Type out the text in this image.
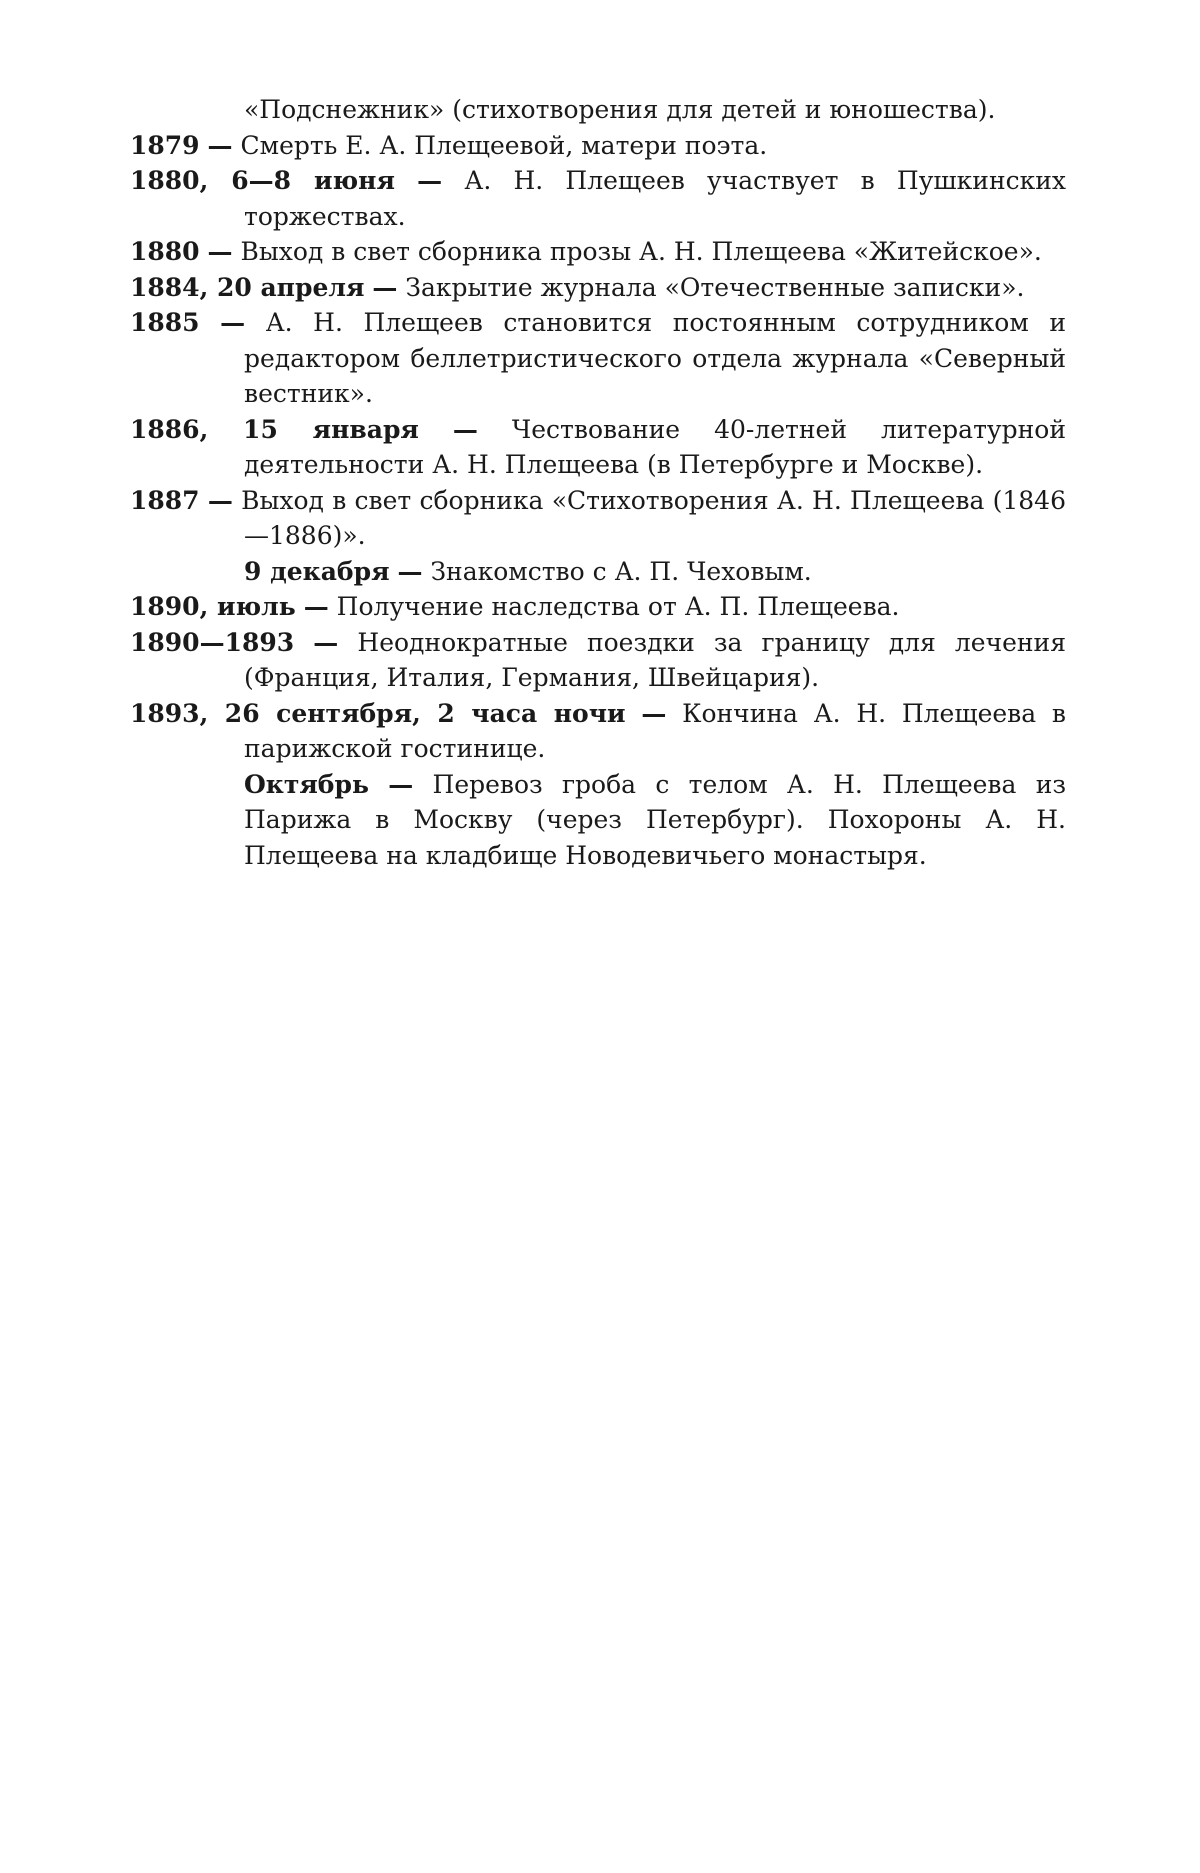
«Подснежник» (стихотворения для детей и юношества).

1879 — Смерть Е. А. Плещеевой, матери поэта.

1880, 6—8 июня — А. Н. Плещеев участвует в Пушкинских торжествах.

1880 — Выход в свет сборника прозы А. Н. Плещеева «Житейское».

1884, 20 апреля — Закрытие журнала «Отечественные записки».

1885 — А. Н. Плещеев становится постоянным сотрудником и редактором беллетристического отдела журнала «Северный вестник».

1886, 15 января — Чествование 40-летней литературной деятельности А. Н. Плещеева (в Петербурге и Москве).

1887 — Выход в свет сборника «Стихотворения А. Н. Плещеева (1846—1886)».

9 декабря — Знакомство с А. П. Чеховым.

1890, июль — Получение наследства от А. П. Плещеева.

1890—1893 — Неоднократные поездки за границу для лечения (Франция, Италия, Германия, Швейцария).

1893, 26 сентября, 2 часа ночи — Кончина А. Н. Плещеева в парижской гостинице.

Октябрь — Перевоз гроба с телом А. Н. Плещеева из Парижа в Москву (через Петербург). Похороны А. Н. Плещеева на кладбище Новодевичьего монастыря.
